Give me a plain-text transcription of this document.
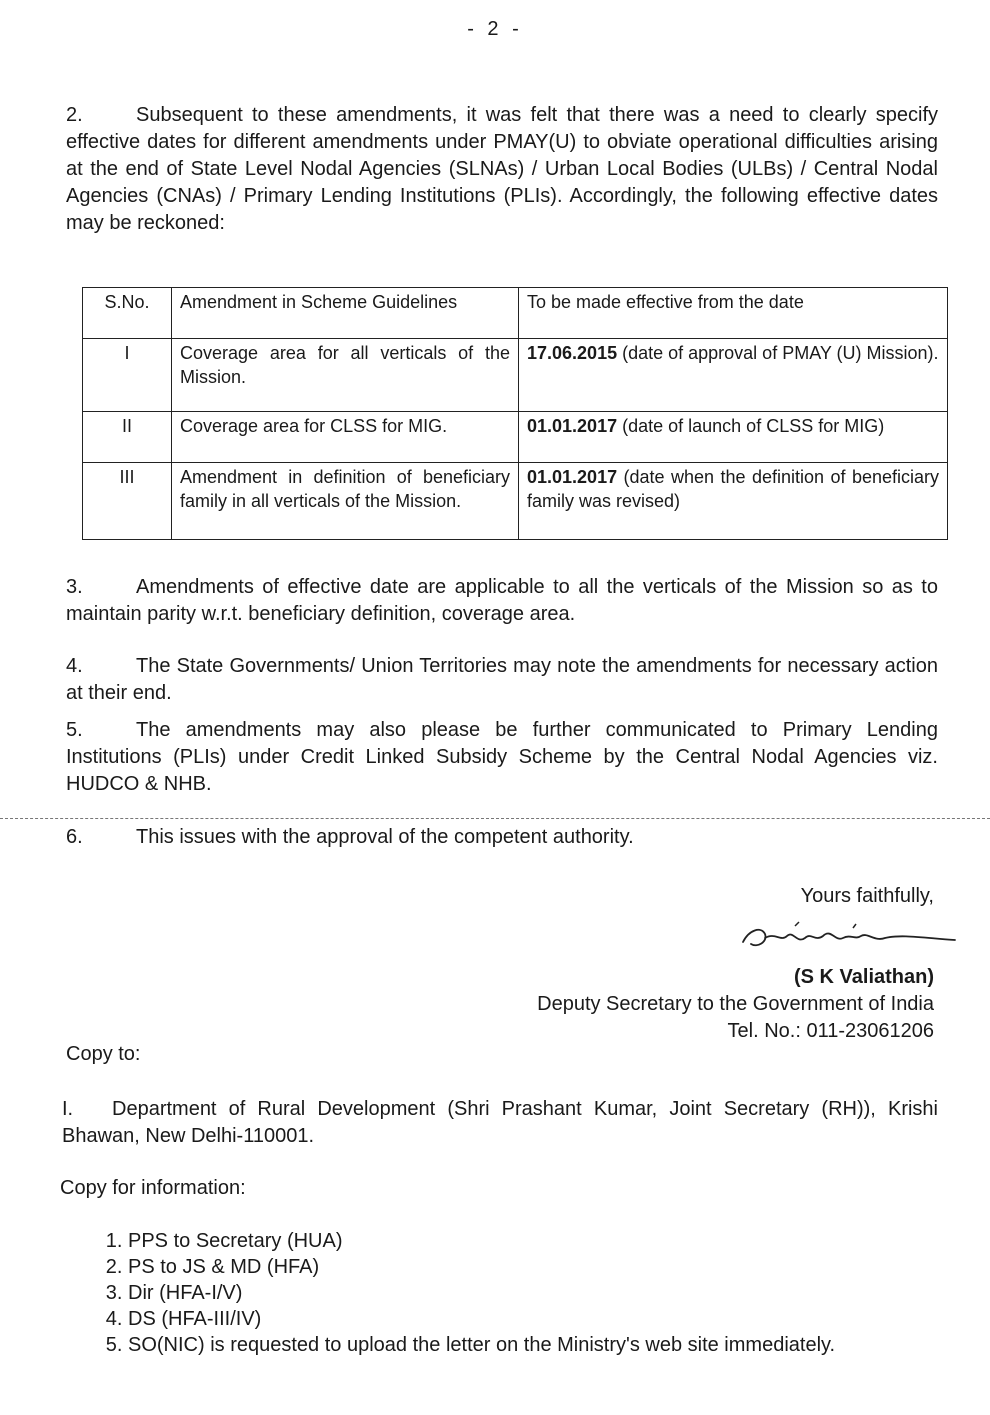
- 2 -
2.	Subsequent to these amendments, it was felt that there was a need to clearly specify effective dates for different amendments under PMAY(U) to obviate operational difficulties arising at the end of State Level Nodal Agencies (SLNAs) / Urban Local Bodies (ULBs) / Central Nodal Agencies (CNAs) / Primary Lending Institutions (PLIs). Accordingly, the following effective dates may be reckoned:
S.No.	Amendment in Scheme Guidelines	To be made effective from the date
I	Coverage area for all verticals of the Mission.	17.06.2015 (date of approval of PMAY (U) Mission).
II	Coverage area for CLSS for MIG.	01.01.2017 (date of launch of CLSS for MIG)
III	Amendment in definition of beneficiary family in all verticals of the Mission.	01.01.2017 (date when the definition of beneficiary family was revised)
3.	Amendments of effective date are applicable to all the verticals of the Mission so as to maintain parity w.r.t. beneficiary definition, coverage area.
4.	The State Governments/ Union Territories may note the amendments for necessary action at their end.
5.	The amendments may also please be further communicated to Primary Lending Institutions (PLIs) under Credit Linked Subsidy Scheme by the Central Nodal Agencies viz. HUDCO & NHB.
6.	This issues with the approval of the competent authority.
Yours faithfully,
(S K Valiathan)
Deputy Secretary to the Government of India
Tel. No.: 011-23061206
Copy to:
I. Department of Rural Development (Shri Prashant Kumar, Joint Secretary (RH)), Krishi Bhawan, New Delhi-110001.
Copy for information:
1. PPS to Secretary (HUA)
2. PS to JS & MD (HFA)
3. Dir (HFA-I/V)
4. DS (HFA-III/IV)
5. SO(NIC) is requested to upload the letter on the Ministry's web site immediately.
